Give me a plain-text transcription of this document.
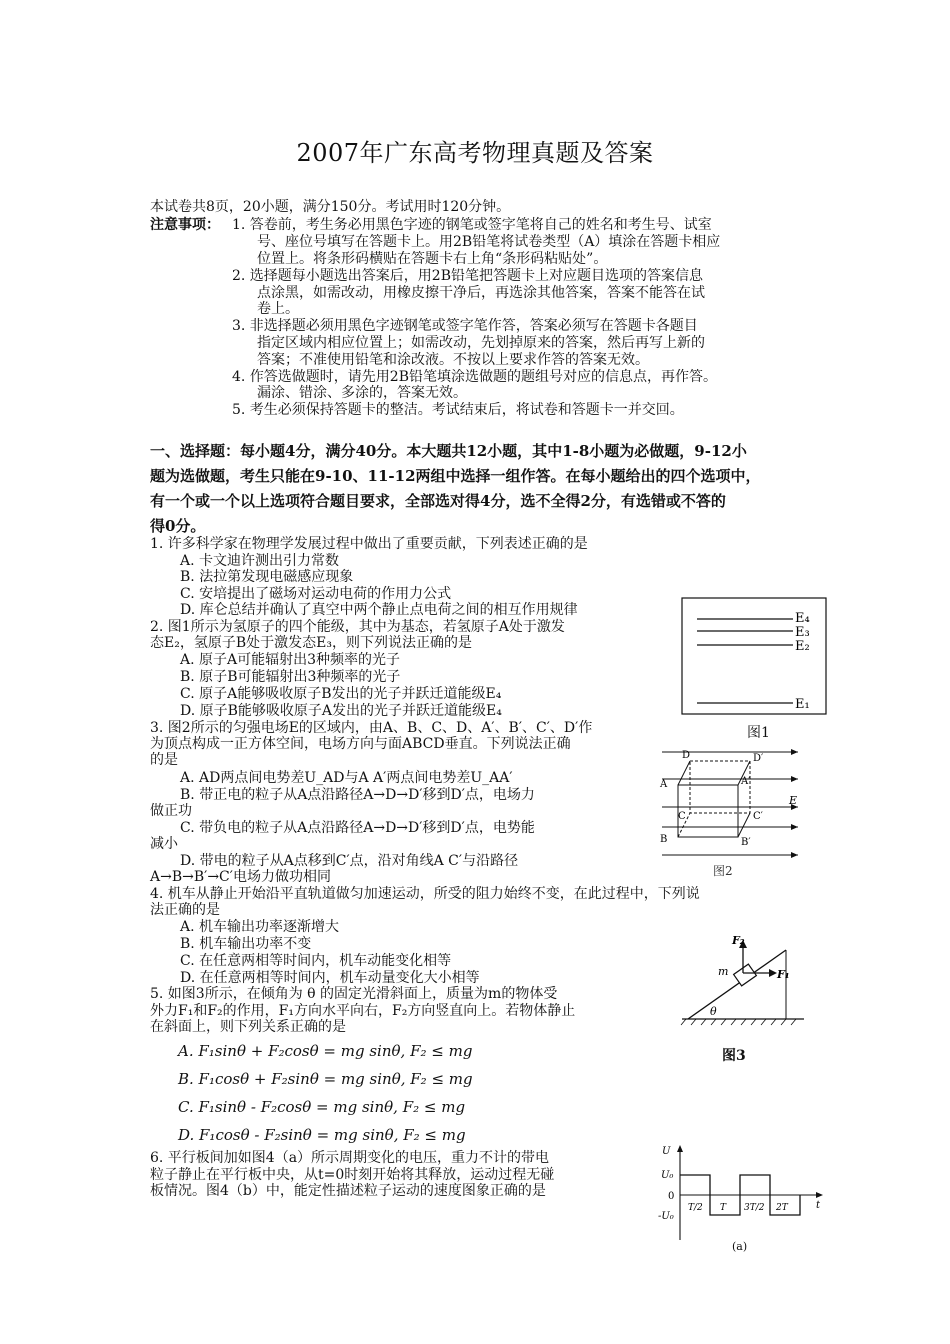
2007年广东高考物理真题及答案
本试卷共8页，20小题，满分150分。考试用时120分钟。
注意事项： 1. 答卷前，考生务必用黑色字迹的钢笔或签字笔将自己的姓名和考生号、试室
号、座位号填写在答题卡上。用2B铅笔将试卷类型（A）填涂在答题卡相应
位置上。将条形码横贴在答题卡右上角“条形码粘贴处”。
2. 选择题每小题选出答案后，用2B铅笔把答题卡上对应题目选项的答案信息
点涂黑，如需改动，用橡皮擦干净后，再选涂其他答案，答案不能答在试
卷上。
3. 非选择题必须用黑色字迹钢笔或签字笔作答，答案必须写在答题卡各题目
指定区域内相应位置上；如需改动，先划掉原来的答案，然后再写上新的
答案；不准使用铅笔和涂改液。不按以上要求作答的答案无效。
4. 作答选做题时，请先用2B铅笔填涂选做题的题组号对应的信息点，再作答。
漏涂、错涂、多涂的，答案无效。
5. 考生必须保持答题卡的整洁。考试结束后，将试卷和答题卡一并交回。
一、选择题：每小题4分，满分40分。本大题共12小题，其中1-8小题为必做题，9-12小
题为选做题，考生只能在9-10、11-12两组中选择一组作答。在每小题给出的四个选项中，
有一个或一个以上选项符合题目要求，全部选对得4分，选不全得2分，有选错或不答的
得0分。
1. 许多科学家在物理学发展过程中做出了重要贡献，下列表述正确的是
A. 卡文迪许测出引力常数
B. 法拉第发现电磁感应现象
C. 安培提出了磁场对运动电荷的作用力公式
D. 库仑总结并确认了真空中两个静止点电荷之间的相互作用规律
2. 图1所示为氢原子的四个能级，其中为基态，若氢原子A处于激发
态E₂，氢原子B处于激发态E₃，则下列说法正确的是
A. 原子A可能辐射出3种频率的光子
B. 原子B可能辐射出3种频率的光子
C. 原子A能够吸收原子B发出的光子并跃迁道能级E₄
D. 原子B能够吸收原子A发出的光子并跃迁道能级E₄
3. 图2所示的匀强电场E的区域内，由A、B、C、D、A′、B′、C′、D′作
为顶点构成一正方体空间，电场方向与面ABCD垂直。下列说法正确
的是
A. AD两点间电势差U_AD与A A′两点间电势差U_AA′
B. 带正电的粒子从A点沿路径A→D→D′移到D′点，电场力
做正功
C. 带负电的粒子从A点沿路径A→D→D′移到D′点，电势能
减小
D. 带电的粒子从A点移到C′点，沿对角线A C′与沿路径
A→B→B′→C′电场力做功相同
4. 机车从静止开始沿平直轨道做匀加速运动，所受的阻力始终不变，在此过程中，下列说
法正确的是
A. 机车输出功率逐渐增大
B. 机车输出功率不变
C. 在任意两相等时间内，机车动能变化相等
D. 在任意两相等时间内，机车动量变化大小相等
5. 如图3所示，在倾角为 θ 的固定光滑斜面上，质量为m的物体受
外力F₁和F₂的作用，F₁方向水平向右，F₂方向竖直向上。若物体静止
在斜面上，则下列关系正确的是
A. F₁sinθ + F₂cosθ = mg sinθ, F₂ ≤ mg
B. F₁cosθ + F₂sinθ = mg sinθ, F₂ ≤ mg
C. F₁sinθ - F₂cosθ = mg sinθ, F₂ ≤ mg
D. F₁cosθ - F₂sinθ = mg sinθ, F₂ ≤ mg
6. 平行板间加如图4（a）所示周期变化的电压，重力不计的带电
粒子静止在平行板中央，从t=0时刻开始将其释放，运动过程无碰
板情况。图4（b）中，能定性描述粒子运动的速度图象正确的是
E₄
E₃
E₂
E₁
图1
D	D′
A	A′
C	C′
B	B′
E
图2
F₂
m	F₁
θ
图3
U
U₀
0
-U₀
T/2 T 3T/2 2T	t
(a)
